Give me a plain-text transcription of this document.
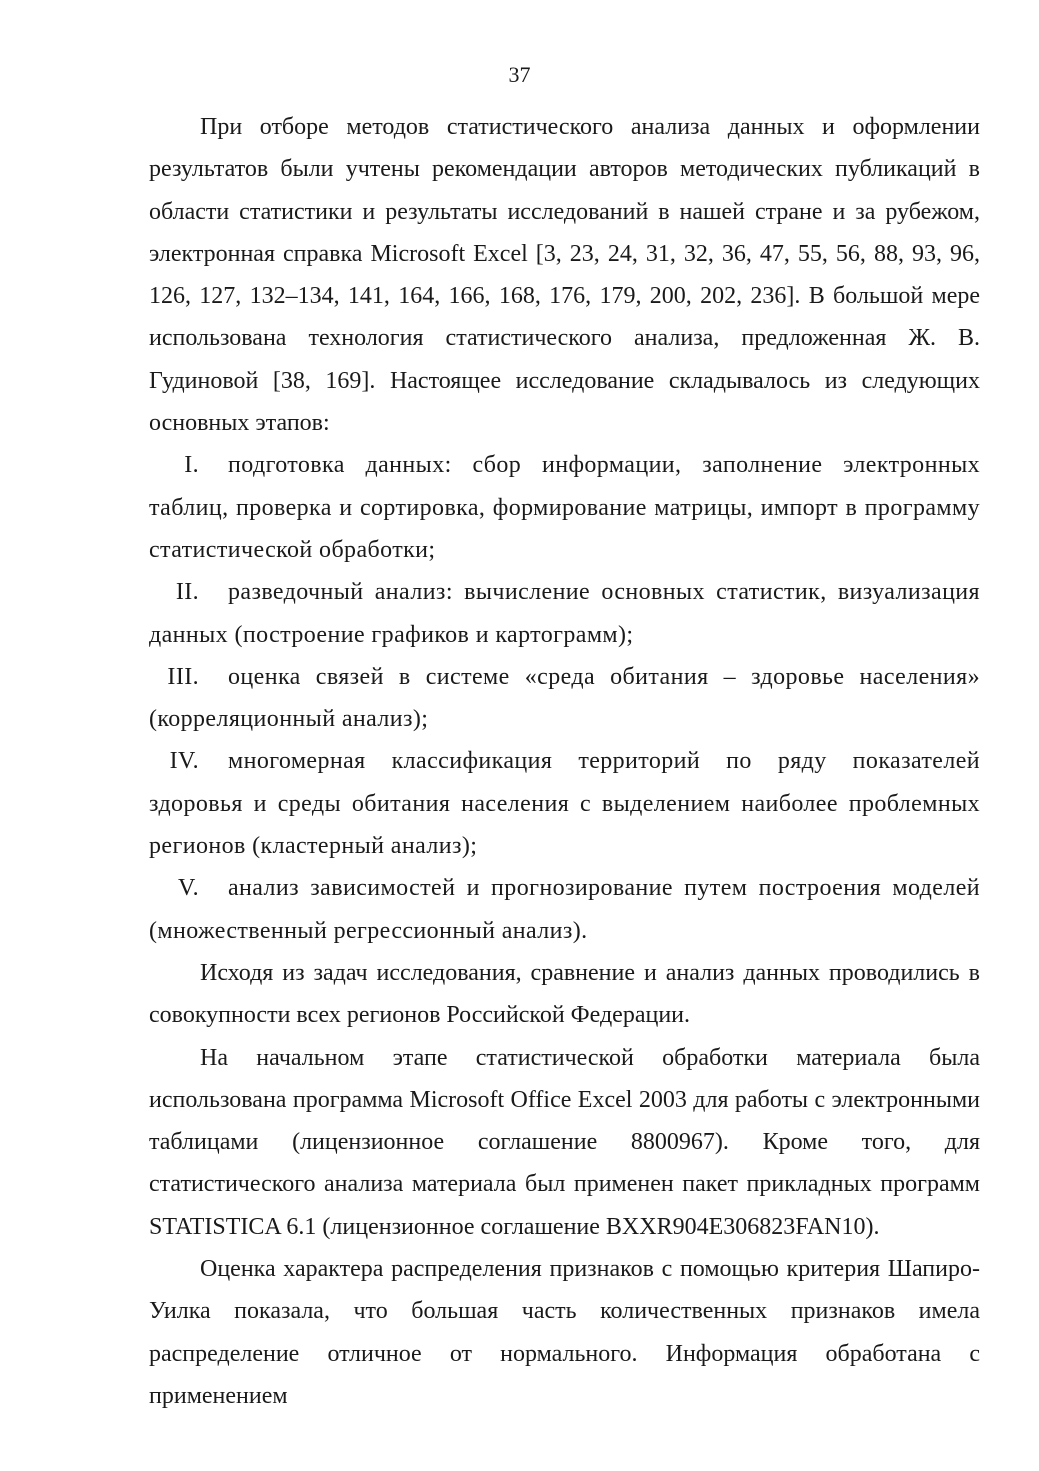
37

При отборе методов статистического анализа данных и оформлении результатов были учтены рекомендации авторов методических публикаций в области статистики и результаты исследований в нашей стране и за рубежом, электронная справка Microsoft Excel [3, 23, 24, 31, 32, 36, 47, 55, 56, 88, 93, 96, 126, 127, 132–134, 141, 164, 166, 168, 176, 179, 200, 202, 236]. В большой мере использована технология статистического анализа, предложенная Ж. В. Гудиновой [38, 169]. Настоящее исследование складывалось из следующих основных этапов:

I. подготовка данных: сбор информации, заполнение электронных таблиц, проверка и сортировка, формирование матрицы, импорт в программу статистической обработки;

II. разведочный анализ: вычисление основных статистик, визуализация данных (построение графиков и картограмм);

III. оценка связей в системе «среда обитания – здоровье населения» (корреляционный анализ);

IV. многомерная классификация территорий по ряду показателей здоровья и среды обитания населения с выделением наиболее проблемных регионов (кластерный анализ);

V. анализ зависимостей и прогнозирование путем построения моделей (множественный регрессионный анализ).

Исходя из задач исследования, сравнение и анализ данных проводились в совокупности всех регионов Российской Федерации.

На начальном этапе статистической обработки материала была использована программа Microsoft Office Excel 2003 для работы с электронными таблицами (лицензионное соглашение 8800967). Кроме того, для статистического анализа материала был применен пакет прикладных программ STATISTICA 6.1 (лицензионное соглашение BXXR904E306823FAN10).

Оценка характера распределения признаков с помощью критерия Шапиро-Уилка показала, что большая часть количественных признаков имела распределение отличное от нормального. Информация обработана с применением
